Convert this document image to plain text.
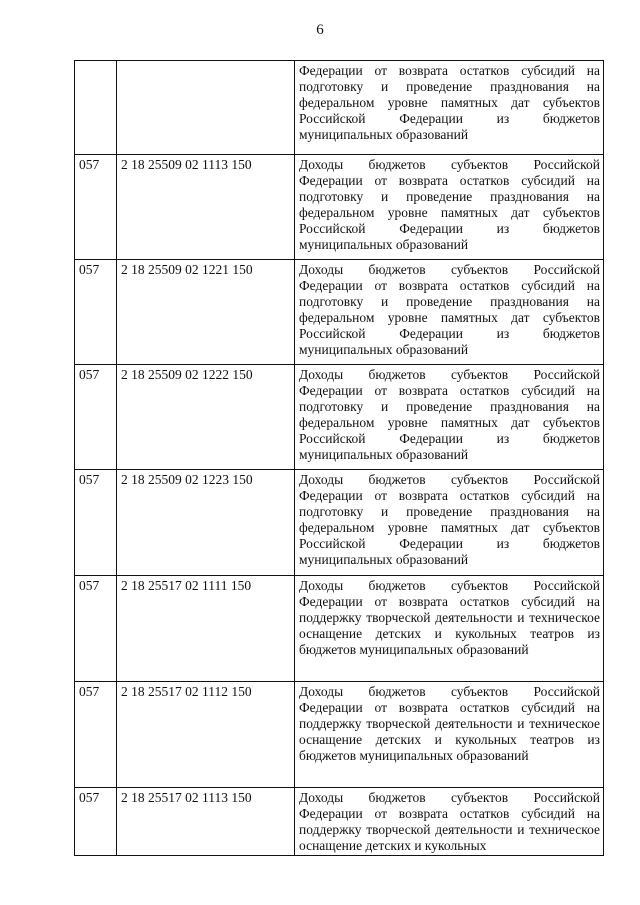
6
		Федерации от возврата остатков субсидий на подготовку и проведение празднования на федеральном уровне памятных дат субъектов Российской Федерации из бюджетов муниципальных образований
057	2 18 25509 02 1113 150	Доходы бюджетов субъектов Российской Федерации от возврата остатков субсидий на подготовку и проведение празднования на федеральном уровне памятных дат субъектов Российской Федерации из бюджетов муниципальных образований
057	2 18 25509 02 1221 150	Доходы бюджетов субъектов Российской Федерации от возврата остатков субсидий на подготовку и проведение празднования на федеральном уровне памятных дат субъектов Российской Федерации из бюджетов муниципальных образований
057	2 18 25509 02 1222 150	Доходы бюджетов субъектов Российской Федерации от возврата остатков субсидий на подготовку и проведение празднования на федеральном уровне памятных дат субъектов Российской Федерации из бюджетов муниципальных образований
057	2 18 25509 02 1223 150	Доходы бюджетов субъектов Российской Федерации от возврата остатков субсидий на подготовку и проведение празднования на федеральном уровне памятных дат субъектов Российской Федерации из бюджетов муниципальных образований
057	2 18 25517 02 1111 150	Доходы бюджетов субъектов Российской Федерации от возврата остатков субсидий на поддержку творческой деятельности и техническое оснащение детских и кукольных театров из бюджетов муниципальных образований
057	2 18 25517 02 1112 150	Доходы бюджетов субъектов Российской Федерации от возврата остатков субсидий на поддержку творческой деятельности и техническое оснащение детских и кукольных театров из бюджетов муниципальных образований
057	2 18 25517 02 1113 150	Доходы бюджетов субъектов Российской Федерации от возврата остатков субсидий на поддержку творческой деятельности и техническое оснащение детских и кукольных
